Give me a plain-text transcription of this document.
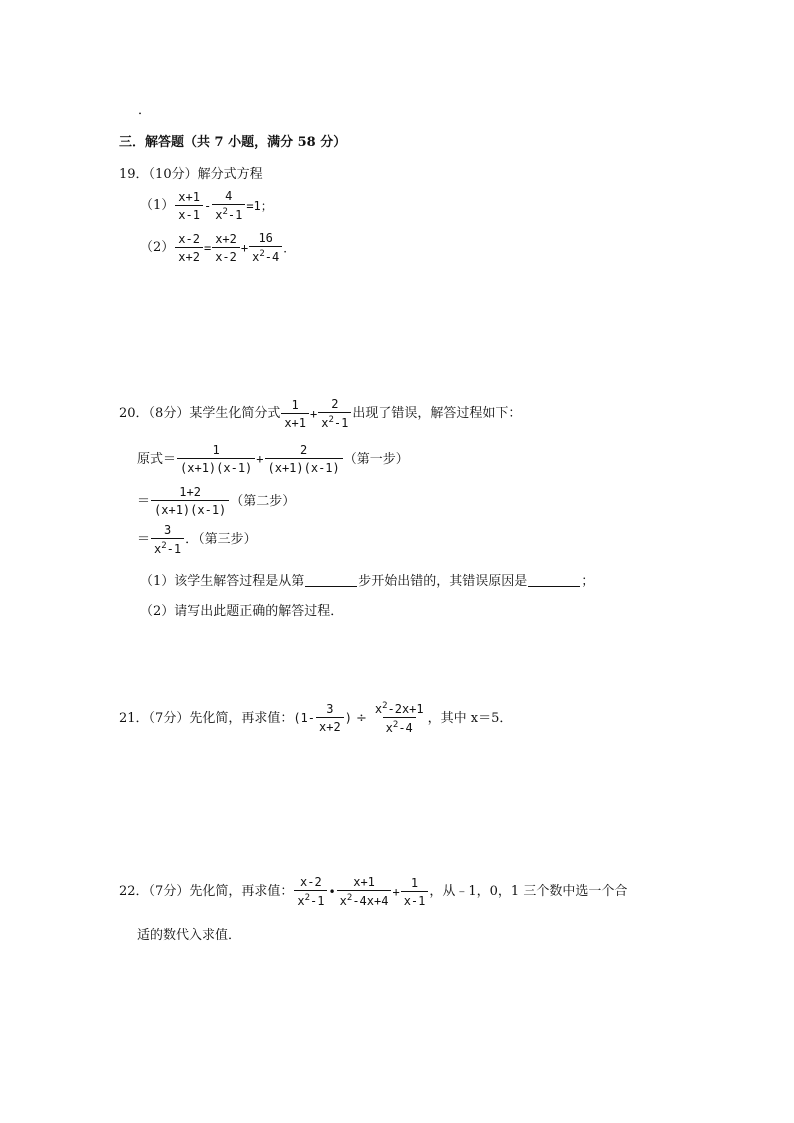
．
三．解答题（共 7 小题，满分 58 分）
19．（10分）解分式方程
$(1) \frac{x+1}{x-1} - \frac{4}{x^2-1} =1$；
$(2) \frac{x-2}{x+2} = \frac{x+2}{x-2} + \frac{16}{x^2-4}$ ．
20．（8分）某学生化简分式 $\frac{1}{x+1} + \frac{2}{x^2-1}$ 出现了错误，解答过程如下：
原式＝ $\frac{1}{(x+1)(x-1)} + \frac{2}{(x+1)(x-1)}$ （第一步）
＝ $\frac{1+2}{(x+1)(x-1)}$ （第二步）
＝ $\frac{3}{x^2-1}$ ．（第三步）
（1）该学生解答过程是从第	步开始出错的，其错误原因是	；
（2）请写出此题正确的解答过程．
21．（7分）先化简，再求值： ($1- \frac{3}{x+2}$ ) ÷ $\frac{x^2-2x+1}{x^2-4}$ ，其中 x＝5．
22．（7分）先化简，再求值： $\frac{x-2}{x^2-1}$ • $\frac{x+1}{x^2-4x+4} + \frac{1}{x-1}$ ，从﹣1，0，1 三个数中选一个合
适的数代入求值．
